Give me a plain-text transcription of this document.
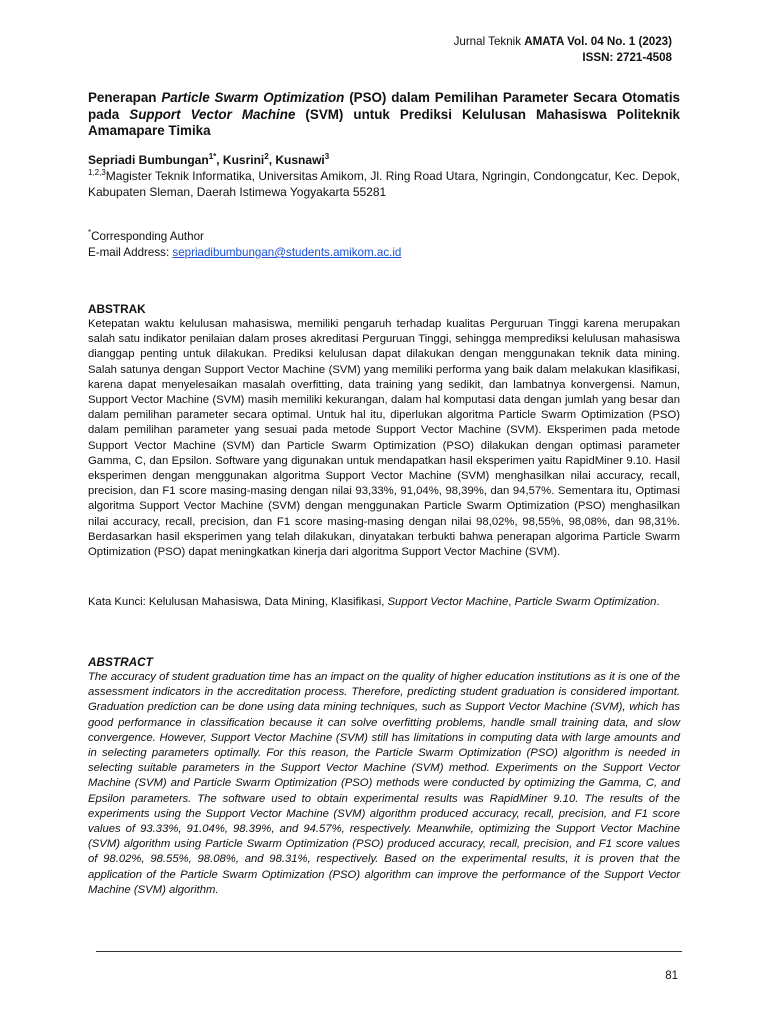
Jurnal Teknik AMATA Vol. 04 No. 1 (2023)
ISSN: 2721-4508
Penerapan Particle Swarm Optimization (PSO) dalam Pemilihan Parameter Secara Otomatis pada Support Vector Machine (SVM) untuk Prediksi Kelulusan Mahasiswa Politeknik Amamapare Timika

Sepriadi Bumbungan$^{1*}$, Kusrini$^2$, Kusnawi$^3$

$^{1,2,3}$Magister Teknik Informatika, Universitas Amikom, Jl. Ring Road Utara, Ngringin, Condongcatur, Kec. Depok, Kabupaten Sleman, Daerah Istimewa Yogyakarta 55281

*Corresponding Author
E-mail Address: sepriadibumbungan@students.amikom.ac.id
ABSTRAK

Ketepatan waktu kelulusan mahasiswa, memiliki pengaruh terhadap kualitas Perguruan Tinggi karena merupakan salah satu indikator penilaian dalam proses akreditasi Perguruan Tinggi, sehingga memprediksi kelulusan mahasiswa dianggap penting untuk dilakukan. Prediksi kelulusan dapat dilakukan dengan menggunakan teknik data mining. Salah satunya dengan Support Vector Machine (SVM) yang memiliki performa yang baik dalam melakukan klasifikasi, karena dapat menyelesaikan masalah overfitting, data training yang sedikit, dan lambatnya konvergensi. Namun, Support Vector Machine (SVM) masih memiliki kekurangan, dalam hal komputasi data dengan jumlah yang besar dan dalam pemilihan parameter secara optimal. Untuk hal itu, diperlukan algoritma Particle Swarm Optimization (PSO) dalam pemilihan parameter yang sesuai pada metode Support Vector Machine (SVM). Eksperimen pada metode Support Vector Machine (SVM) dan Particle Swarm Optimization (PSO) dilakukan dengan optimasi parameter Gamma, C, dan Epsilon. Software yang digunakan untuk mendapatkan hasil eksperimen yaitu RapidMiner 9.10. Hasil eksperimen dengan menggunakan algoritma Support Vector Machine (SVM) menghasilkan nilai accuracy, recall, precision, dan F1 score masing-masing dengan nilai 93,33%, 91,04%, 98,39%, dan 94,57%. Sementara itu, Optimasi algoritma Support Vector Machine (SVM) dengan menggunakan Particle Swarm Optimization (PSO) menghasilkan nilai accuracy, recall, precision, dan F1 score masing-masing dengan nilai 98,02%, 98,55%, 98,08%, dan 98,31%. Berdasarkan hasil eksperimen yang telah dilakukan, dinyatakan terbukti bahwa penerapan algorima Particle Swarm Optimization (PSO) dapat meningkatkan kinerja dari algoritma Support Vector Machine (SVM).

Kata Kunci: Kelulusan Mahasiswa, Data Mining, Klasifikasi, Support Vector Machine, Particle Swarm Optimization.

ABSTRACT

The accuracy of student graduation time has an impact on the quality of higher education institutions as it is one of the assessment indicators in the accreditation process. Therefore, predicting student graduation is considered important. Graduation prediction can be done using data mining techniques, such as Support Vector Machine (SVM), which has good performance in classification because it can solve overfitting problems, handle small training data, and slow convergence. However, Support Vector Machine (SVM) still has limitations in computing data with large amounts and in selecting parameters optimally. For this reason, the Particle Swarm Optimization (PSO) algorithm is needed in selecting suitable parameters in the Support Vector Machine (SVM) method. Experiments on the Support Vector Machine (SVM) and Particle Swarm Optimization (PSO) methods were conducted by optimizing the Gamma, C, and Epsilon parameters. The software used to obtain experimental results was RapidMiner 9.10. The results of the experiments using the Support Vector Machine (SVM) algorithm produced accuracy, recall, precision, and F1 score values of 93.33%, 91.04%, 98.39%, and 94.57%, respectively. Meanwhile, optimizing the Support Vector Machine (SVM) algorithm using Particle Swarm Optimization (PSO) produced accuracy, recall, precision, and F1 score values of 98.02%, 98.55%, 98.08%, and 98.31%, respectively. Based on the experimental results, it is proven that the application of the Particle Swarm Optimization (PSO) algorithm can improve the performance of the Support Vector Machine (SVM) algorithm.

81
